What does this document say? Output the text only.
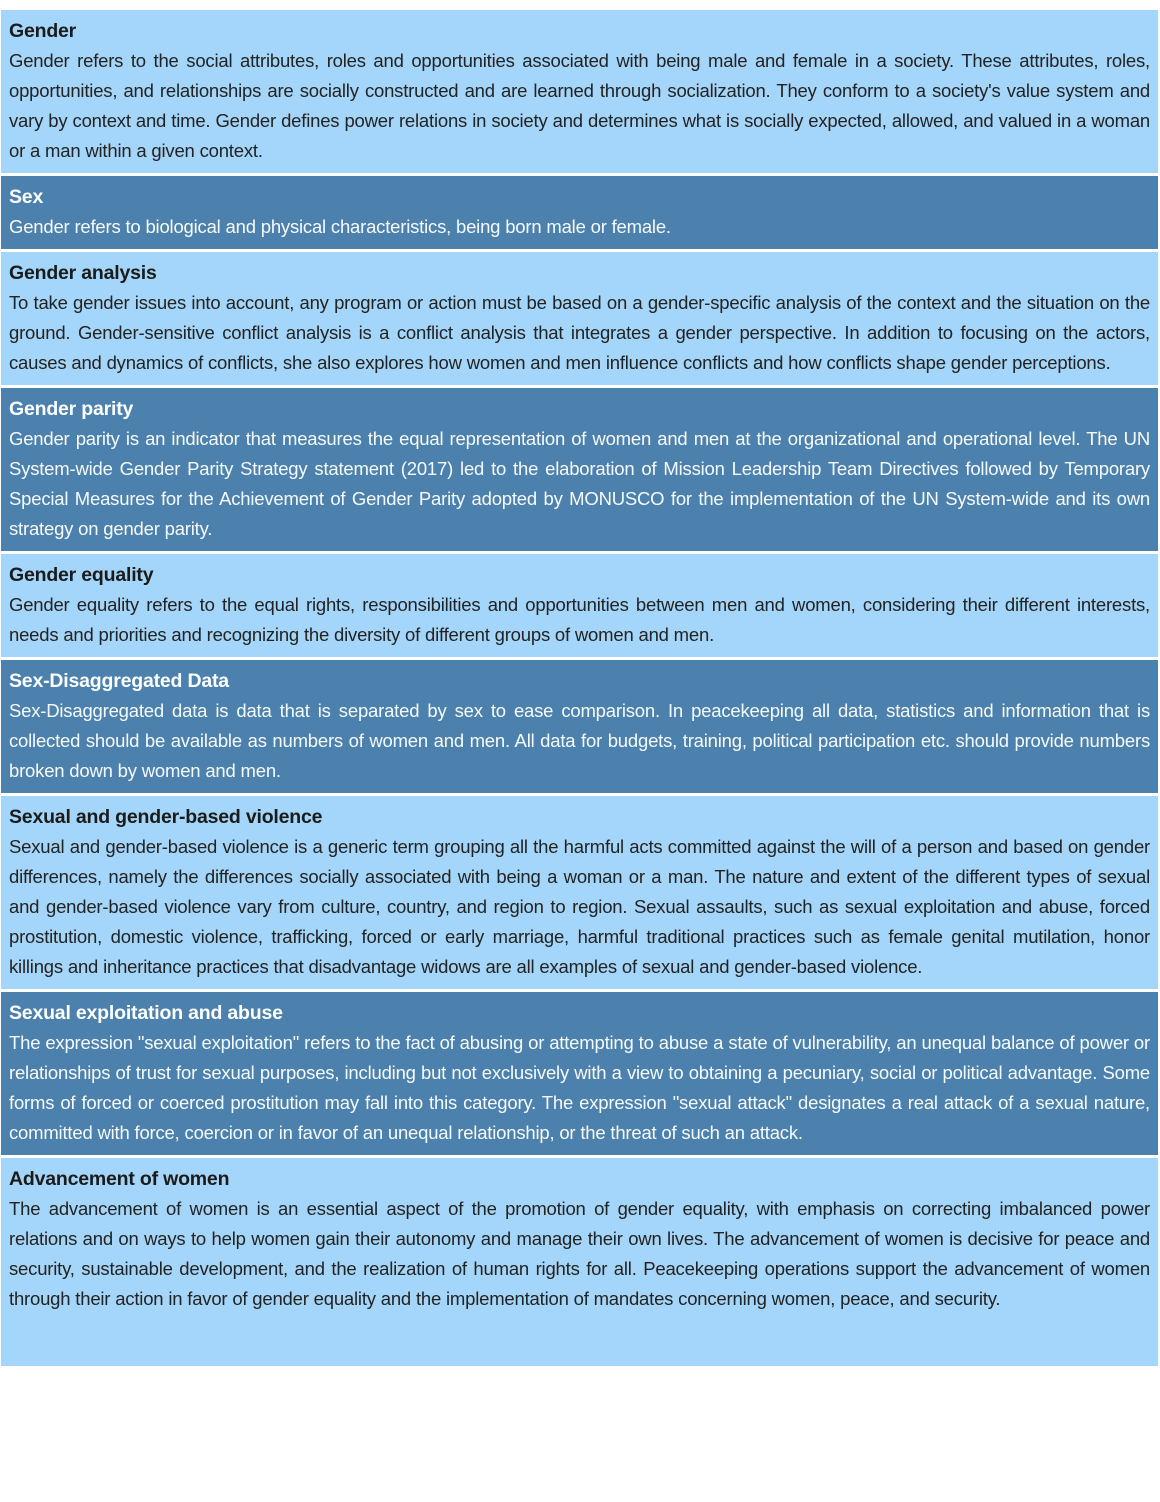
Gender

Gender refers to the social attributes, roles and opportunities associated with being male and female in a society. These attributes, roles, opportunities, and relationships are socially constructed and are learned through socialization. They conform to a society's value system and vary by context and time. Gender defines power relations in society and determines what is socially expected, allowed, and valued in a woman or a man within a given context.

Sex

Gender refers to biological and physical characteristics, being born male or female.

Gender analysis

To take gender issues into account, any program or action must be based on a gender-specific analysis of the context and the situation on the ground. Gender-sensitive conflict analysis is a conflict analysis that integrates a gender perspective. In addition to focusing on the actors, causes and dynamics of conflicts, she also explores how women and men influence conflicts and how conflicts shape gender perceptions.

Gender parity

Gender parity is an indicator that measures the equal representation of women and men at the organizational and operational level. The UN System-wide Gender Parity Strategy statement (2017) led to the elaboration of Mission Leadership Team Directives followed by Temporary Special Measures for the Achievement of Gender Parity adopted by MONUSCO for the implementation of the UN System-wide and its own strategy on gender parity.

Gender equality

Gender equality refers to the equal rights, responsibilities and opportunities between men and women, considering their different interests, needs and priorities and recognizing the diversity of different groups of women and men.

Sex-Disaggregated Data

Sex-Disaggregated data is data that is separated by sex to ease comparison. In peacekeeping all data, statistics and information that is collected should be available as numbers of women and men. All data for budgets, training, political participation etc. should provide numbers broken down by women and men.

Sexual and gender-based violence

Sexual and gender-based violence is a generic term grouping all the harmful acts committed against the will of a person and based on gender differences, namely the differences socially associated with being a woman or a man. The nature and extent of the different types of sexual and gender-based violence vary from culture, country, and region to region. Sexual assaults, such as sexual exploitation and abuse, forced prostitution, domestic violence, trafficking, forced or early marriage, harmful traditional practices such as female genital mutilation, honor killings and inheritance practices that disadvantage widows are all examples of sexual and gender-based violence.

Sexual exploitation and abuse

The expression "sexual exploitation" refers to the fact of abusing or attempting to abuse a state of vulnerability, an unequal balance of power or relationships of trust for sexual purposes, including but not exclusively with a view to obtaining a pecuniary, social or political advantage. Some forms of forced or coerced prostitution may fall into this category. The expression "sexual attack" designates a real attack of a sexual nature, committed with force, coercion or in favor of an unequal relationship, or the threat of such an attack.

Advancement of women

The advancement of women is an essential aspect of the promotion of gender equality, with emphasis on correcting imbalanced power relations and on ways to help women gain their autonomy and manage their own lives. The advancement of women is decisive for peace and security, sustainable development, and the realization of human rights for all. Peacekeeping operations support the advancement of women through their action in favor of gender equality and the implementation of mandates concerning women, peace, and security.
